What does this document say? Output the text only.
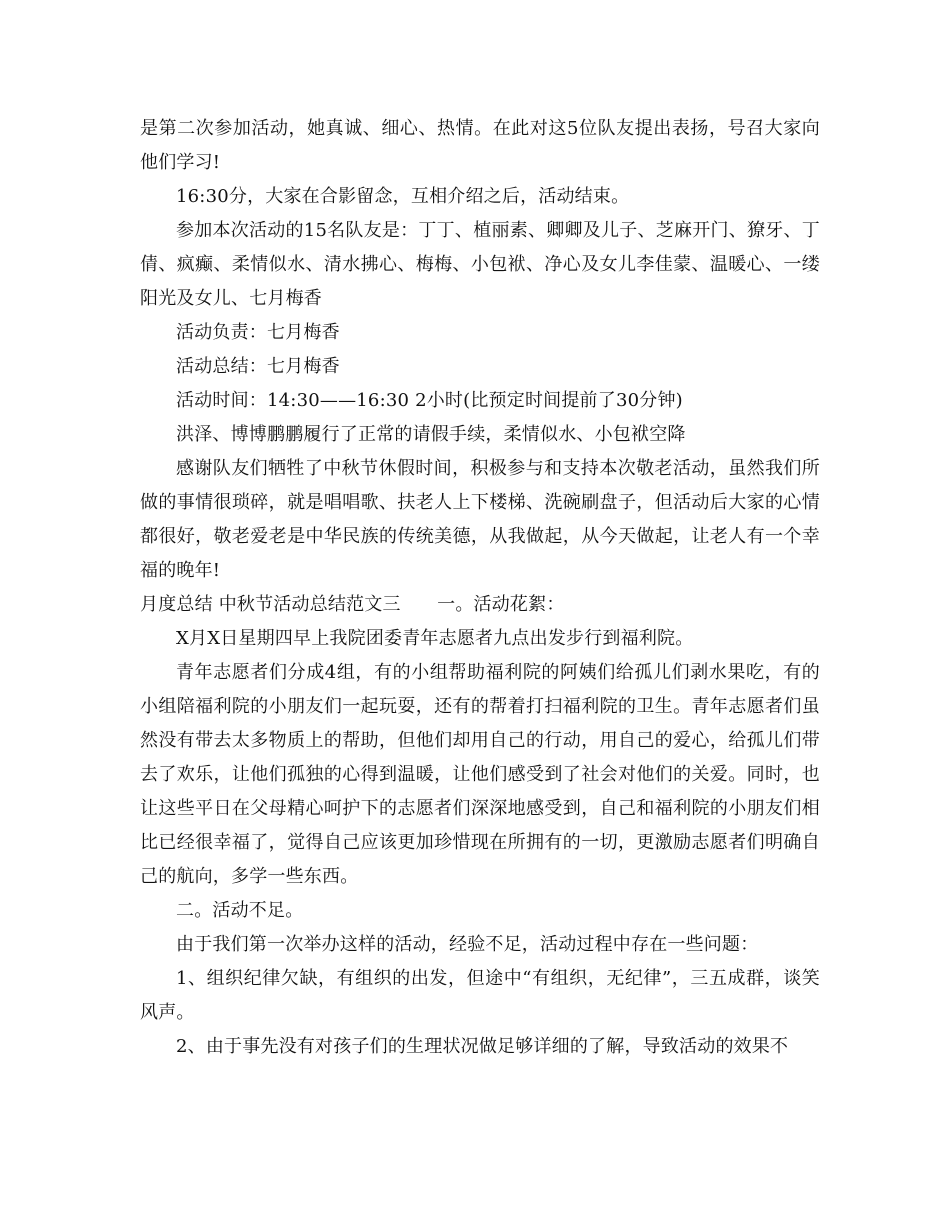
是第二次参加活动，她真诚、细心、热情。在此对这5位队友提出表扬，号召大家向他们学习!

16:30分，大家在合影留念，互相介绍之后，活动结束。

参加本次活动的15名队友是：丁丁、植丽素、卿卿及儿子、芝麻开门、獠牙、丁倩、疯癫、柔情似水、清水拂心、梅梅、小包袱、净心及女儿李佳蒙、温暖心、一缕阳光及女儿、七月梅香

活动负责：七月梅香

活动总结：七月梅香

活动时间：14:30——16:30 2小时(比预定时间提前了30分钟)

洪泽、博博鹏鹏履行了正常的请假手续，柔情似水、小包袱空降

感谢队友们牺牲了中秋节休假时间，积极参与和支持本次敬老活动，虽然我们所做的事情很琐碎，就是唱唱歌、扶老人上下楼梯、洗碗刷盘子，但活动后大家的心情都很好，敬老爱老是中华民族的传统美德，从我做起，从今天做起，让老人有一个幸福的晚年!

月度总结 中秋节活动总结范文三　　一。活动花絮：

X月X日星期四早上我院团委青年志愿者九点出发步行到福利院。

青年志愿者们分成4组，有的小组帮助福利院的阿姨们给孤儿们剥水果吃，有的小组陪福利院的小朋友们一起玩耍，还有的帮着打扫福利院的卫生。青年志愿者们虽然没有带去太多物质上的帮助，但他们却用自己的行动，用自己的爱心，给孤儿们带去了欢乐，让他们孤独的心得到温暖，让他们感受到了社会对他们的关爱。同时，也让这些平日在父母精心呵护下的志愿者们深深地感受到，自己和福利院的小朋友们相比已经很幸福了，觉得自己应该更加珍惜现在所拥有的一切，更激励志愿者们明确自己的航向，多学一些东西。

二。活动不足。

由于我们第一次举办这样的活动，经验不足，活动过程中存在一些问题：

1、组织纪律欠缺，有组织的出发，但途中“有组织，无纪律”，三五成群，谈笑风声。

2、由于事先没有对孩子们的生理状况做足够详细的了解，导致活动的效果不
